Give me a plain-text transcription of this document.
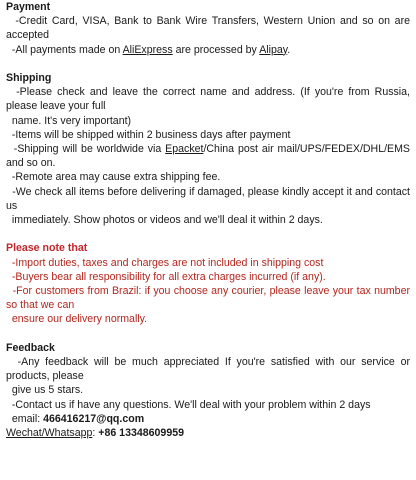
Payment

-Credit Card, VISA, Bank to Bank Wire Transfers, Western Union and so on are accepted

-All payments made on AliExpress are processed by Alipay.

Shipping

-Please check and leave the correct name and address. (If you're from Russia, please leave your full

name. It's very important)

-Items will be shipped within 2 business days after payment

-Shipping will be worldwide via Epacket/China post air mail/UPS/FEDEX/DHL/EMS and so on.

-Remote area may cause extra shipping fee.

-We check all items before delivering if damaged, please kindly accept it and contact us

immediately. Show photos or videos and we'll deal it within 2 days.

Please note that

-Import duties, taxes and charges are not included in shipping cost

-Buyers bear all responsibility for all extra charges incurred (if any).

-For customers from Brazil: if you choose any courier, please leave your tax number so that we can

ensure our delivery normally.

Feedback

-Any feedback will be much appreciated If you're satisfied with our service or products, please

give us 5 stars.

-Contact us if have any questions. We'll deal with your problem within 2 days

email: 466416217@qq.com

Wechat/Whatsapp: +86 13348609959
